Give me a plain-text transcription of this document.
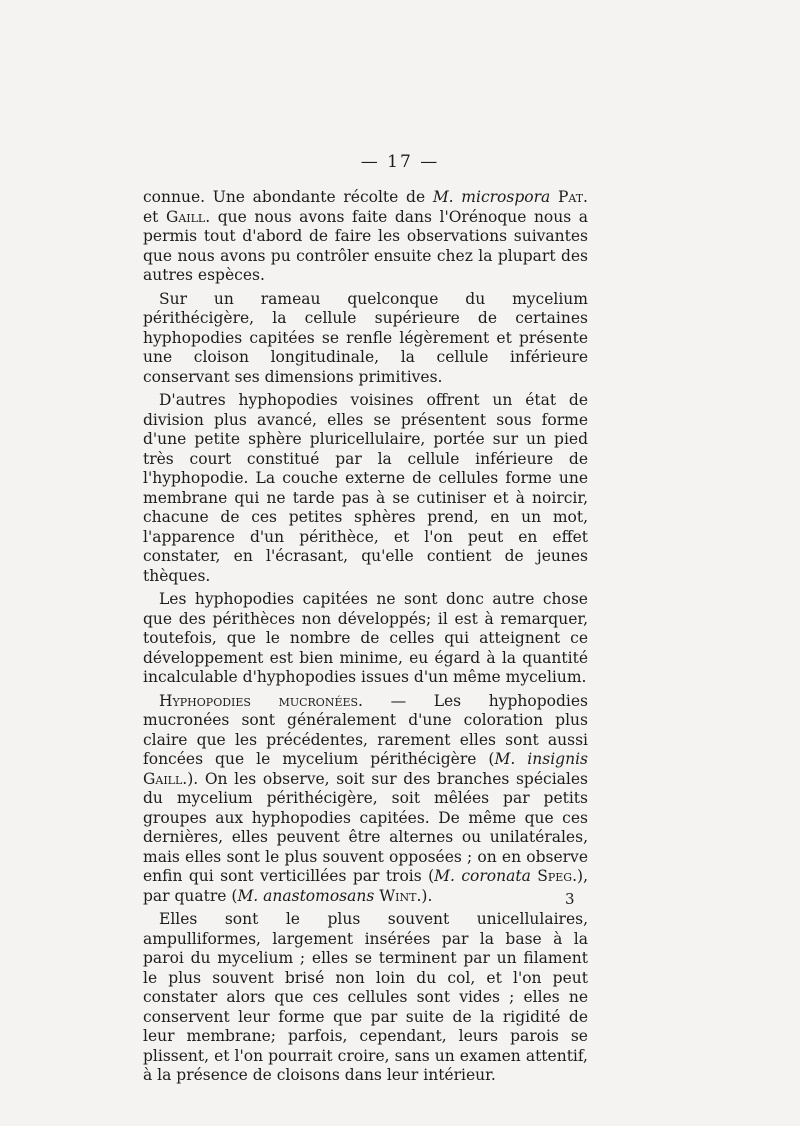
— 17 —

connue. Une abondante récolte de M. microspora Pat. et Gaill. que nous avons faite dans l'Orénoque nous a permis tout d'abord de faire les observations suivantes que nous avons pu contrôler ensuite chez la plupart des autres espèces.

Sur un rameau quelconque du mycelium périthécigère, la cellule supérieure de certaines hyphopodies capitées se renfle légèrement et présente une cloison longitudinale, la cellule inférieure conservant ses dimensions primitives.

D'autres hyphopodies voisines offrent un état de division plus avancé, elles se présentent sous forme d'une petite sphère pluricellulaire, portée sur un pied très court constitué par la cellule inférieure de l'hyphopodie. La couche externe de cellules forme une membrane qui ne tarde pas à se cutiniser et à noircir, chacune de ces petites sphères prend, en un mot, l'apparence d'un périthèce, et l'on peut en effet constater, en l'écrasant, qu'elle contient de jeunes thèques.

Les hyphopodies capitées ne sont donc autre chose que des périthèces non développés; il est à remarquer, toutefois, que le nombre de celles qui atteignent ce développement est bien minime, eu égard à la quantité incalculable d'hyphopodies issues d'un même mycelium.

Hyphopodies mucronées. — Les hyphopodies mucronées sont généralement d'une coloration plus claire que les précédentes, rarement elles sont aussi foncées que le mycelium périthécigère (M. insignis Gaill.). On les observe, soit sur des branches spéciales du mycelium périthécigère, soit mêlées par petits groupes aux hyphopodies capitées. De même que ces dernières, elles peuvent être alternes ou unilatérales, mais elles sont le plus souvent opposées ; on en observe enfin qui sont verticillées par trois (M. coronata Speg.), par quatre (M. anastomosans Wint.).

Elles sont le plus souvent unicellulaires, ampulliformes, largement insérées par la base à la paroi du mycelium ; elles se terminent par un filament le plus souvent brisé non loin du col, et l'on peut constater alors que ces cellules sont vides ; elles ne conservent leur forme que par suite de la rigidité de leur membrane; parfois, cependant, leurs parois se plissent, et l'on pourrait croire, sans un examen attentif, à la présence de cloisons dans leur intérieur.

3
